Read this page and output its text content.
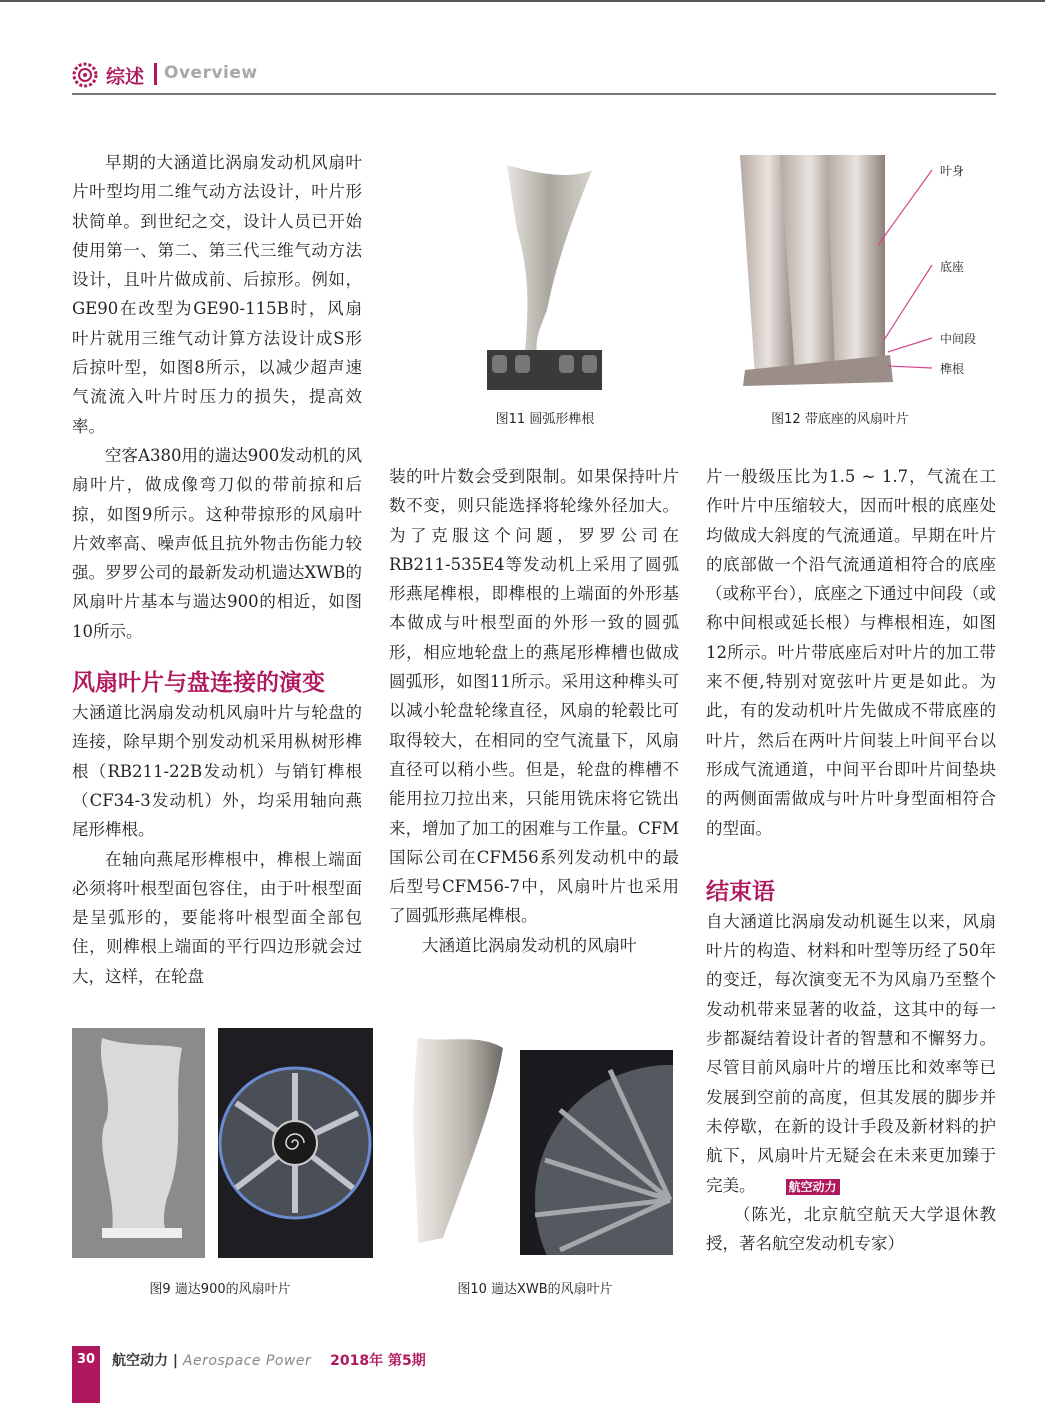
综述 Overview

早期的大涵道比涡扇发动机风扇叶片叶型均用二维气动方法设计，叶片形状简单。到世纪之交，设计人员已开始使用第一、第二、第三代三维气动方法设计，且叶片做成前、后掠形。例如，GE90在改型为GE90-115B时，风扇叶片就用三维气动计算方法设计成S形后掠叶型，如图8所示，以减少超声速气流流入叶片时压力的损失，提高效率。

空客A380用的遄达900发动机的风扇叶片，做成像弯刀似的带前掠和后掠，如图9所示。这种带掠形的风扇叶片效率高、噪声低且抗外物击伤能力较强。罗罗公司的最新发动机遄达XWB的风扇叶片基本与遄达900的相近，如图10所示。

风扇叶片与盘连接的演变

大涵道比涡扇发动机风扇叶片与轮盘的连接，除早期个别发动机采用枞树形榫根（RB211-22B发动机）与销钉榫根（CF34-3发动机）外，均采用轴向燕尾形榫根。

在轴向燕尾形榫根中，榫根上端面必须将叶根型面包容住，由于叶根型面是呈弧形的，要能将叶根型面全部包住，则榫根上端面的平行四边形就会过大，这样，在轮盘

装的叶片数会受到限制。如果保持叶片数不变，则只能选择将轮缘外径加大。为了克服这个问题，罗罗公司在RB211-535E4等发动机上采用了圆弧形燕尾榫根，即榫根的上端面的外形基本做成与叶根型面的外形一致的圆弧形，相应地轮盘上的燕尾形榫槽也做成圆弧形，如图11所示。采用这种榫头可以减小轮盘轮缘直径，风扇的轮毂比可取得较大，在相同的空气流量下，风扇直径可以稍小些。但是，轮盘的榫槽不能用拉刀拉出来，只能用铣床将它铣出来，增加了加工的困难与工作量。CFM国际公司在CFM56系列发动机中的最后型号CFM56-7中，风扇叶片也采用了圆弧形燕尾榫根。

大涵道比涡扇发动机的风扇叶

片一般级压比为1.5 ~ 1.7，气流在工作叶片中压缩较大，因而叶根的底座处均做成大斜度的气流通道。早期在叶片的底部做一个沿气流通道相符合的底座（或称平台），底座之下通过中间段（或称中间根或延长根）与榫根相连，如图12所示。叶片带底座后对叶片的加工带来不便,特别对宽弦叶片更是如此。为此，有的发动机叶片先做成不带底座的叶片，然后在两叶片间装上叶间平台以形成气流通道，中间平台即叶片间垫块的两侧面需做成与叶片叶身型面相符合的型面。

结束语

自大涵道比涡扇发动机诞生以来，风扇叶片的构造、材料和叶型等历经了50年的变迁，每次演变无不为风扇乃至整个发动机带来显著的收益，这其中的每一步都凝结着设计者的智慧和不懈努力。尽管目前风扇叶片的增压比和效率等已发展到空前的高度，但其发展的脚步并未停歇，在新的设计手段及新材料的护航下，风扇叶片无疑会在未来更加臻于完美。	航空动力

（陈光，北京航空航天大学退休教授，著名航空发动机专家）

图11 圆弧形榫根
叶身
底座
中间段
榫根
图12 带底座的风扇叶片
图9 遄达900的风扇叶片	图10 遄达XWB的风扇叶片
30	航空动力 | Aerospace Power 2018年 第5期
